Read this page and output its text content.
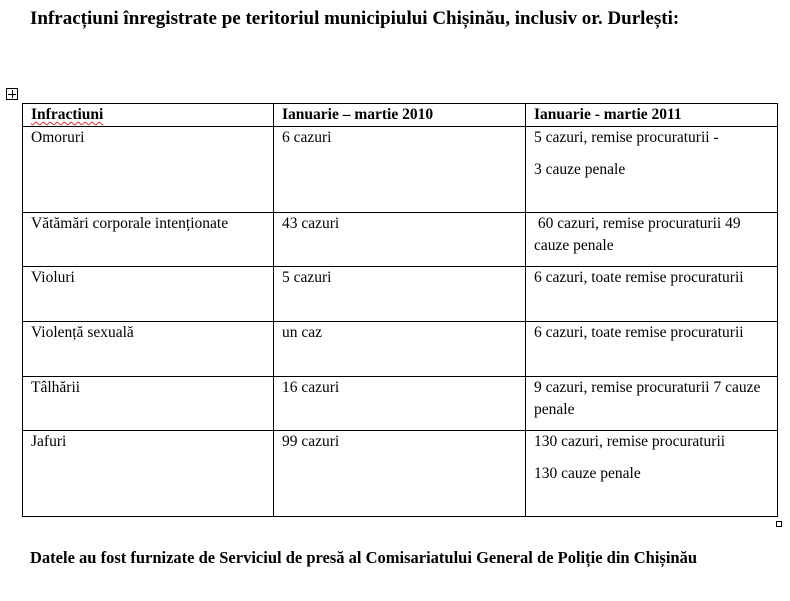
Infracțiuni înregistrate pe teritoriul municipiului Chișinău, inclusiv or. Durlești:

Infractiuni	Ianuarie – martie 2010	Ianuarie - martie 2011
Omoruri	6 cazuri	5 cazuri, remise procuraturii -
3 cauze penale

Vătămări corporale intenționate	43 cazuri	60 cazuri, remise procuraturii 49 cauze penale
Violuri	5 cazuri	6 cazuri, toate remise procuraturii
Violență sexuală	un caz	6 cazuri, toate remise procuraturii
Tâlhării	16 cazuri	9 cazuri, remise procuraturii 7 cauze penale
Jafuri	99 cazuri	130 cazuri, remise procuraturii
130 cauze penale

Datele au fost furnizate de Serviciul de presă al Comisariatului General de Poliție din Chișinău
